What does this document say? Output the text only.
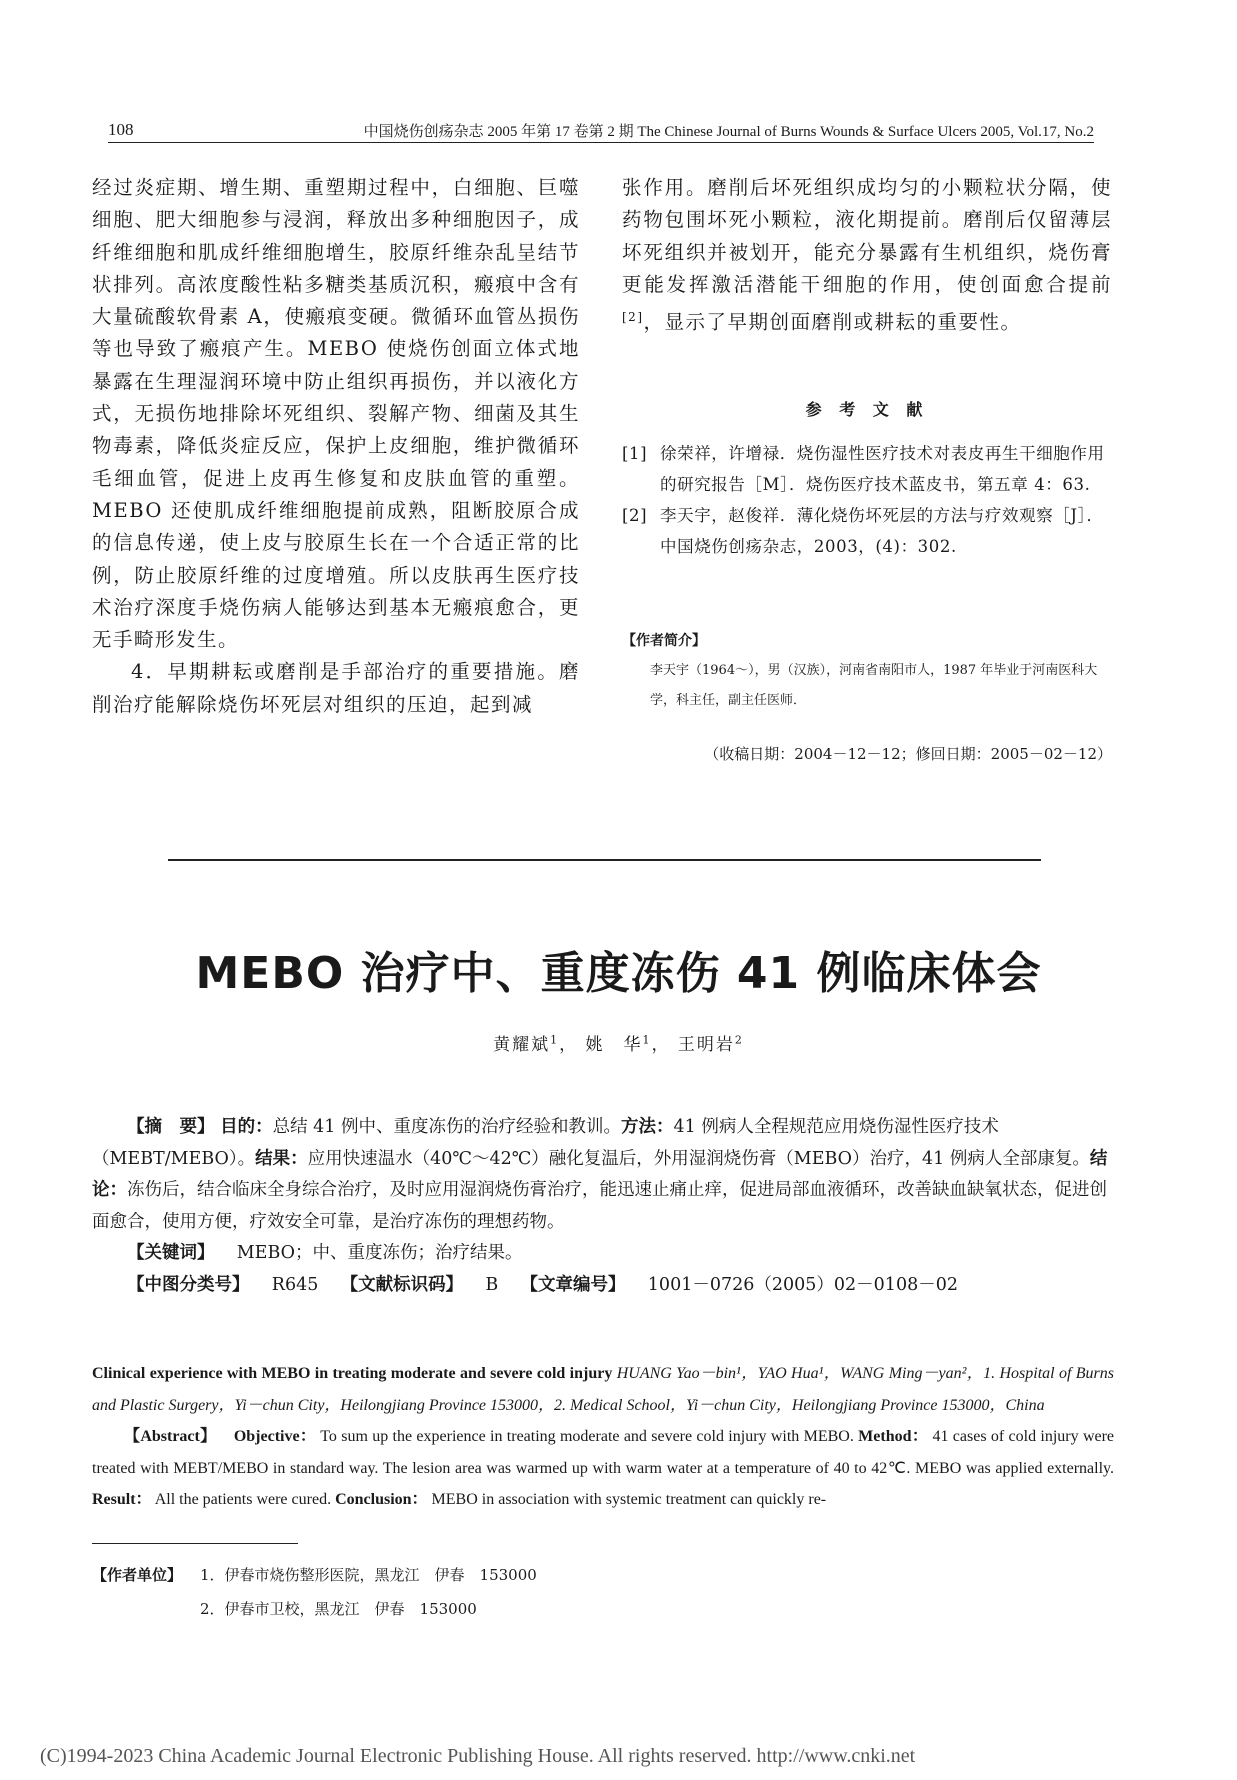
108	中国烧伤创疡杂志 2005 年第 17 卷第 2 期 The Chinese Journal of Burns Wounds & Surface Ulcers 2005, Vol.17, No.2

经过炎症期、增生期、重塑期过程中，白细胞、巨噬细胞、肥大细胞参与浸润，释放出多种细胞因子，成纤维细胞和肌成纤维细胞增生，胶原纤维杂乱呈结节状排列。高浓度酸性粘多糖类基质沉积，瘢痕中含有大量硫酸软骨素 A，使瘢痕变硬。微循环血管丛损伤等也导致了瘢痕产生。MEBO 使烧伤创面立体式地暴露在生理湿润环境中防止组织再损伤，并以液化方式，无损伤地排除坏死组织、裂解产物、细菌及其生物毒素，降低炎症反应，保护上皮细胞，维护微循环毛细血管，促进上皮再生修复和皮肤血管的重塑。MEBO 还使肌成纤维细胞提前成熟，阻断胶原合成的信息传递，使上皮与胶原生长在一个合适正常的比例，防止胶原纤维的过度增殖。所以皮肤再生医疗技术治疗深度手烧伤病人能够达到基本无瘢痕愈合，更无手畸形发生。

4．早期耕耘或磨削是手部治疗的重要措施。磨削治疗能解除烧伤坏死层对组织的压迫，起到减

张作用。磨削后坏死组织成均匀的小颗粒状分隔，使药物包围坏死小颗粒，液化期提前。磨削后仅留薄层坏死组织并被划开，能充分暴露有生机组织，烧伤膏更能发挥激活潜能干细胞的作用，使创面愈合提前[2]，显示了早期创面磨削或耕耘的重要性。

参 考 文 献
[1] 徐荣祥，许增禄．烧伤湿性医疗技术对表皮再生干细胞作用的研究报告［M］．烧伤医疗技术蓝皮书，第五章 4：63.
[2] 李天宇，赵俊祥．薄化烧伤坏死层的方法与疗效观察［J］．中国烧伤创疡杂志，2003，(4)：302.
【作者简介】
李天宇（1964～），男（汉族），河南省南阳市人，1987 年毕业于河南医科大学，科主任，副主任医师．
（收稿日期：2004－12－12；修回日期：2005－02－12）
MEBO 治疗中、重度冻伤 41 例临床体会
黄耀斌$^1$， 姚　华$^1$， 王明岩$^2$

【摘　要】 目的：总结 41 例中、重度冻伤的治疗经验和教训。方法：41 例病人全程规范应用烧伤湿性医疗技术（MEBT/MEBO）。结果：应用快速温水（40℃～42℃）融化复温后，外用湿润烧伤膏（MEBO）治疗，41 例病人全部康复。结论：冻伤后，结合临床全身综合治疗，及时应用湿润烧伤膏治疗，能迅速止痛止痒，促进局部血液循环，改善缺血缺氧状态，促进创面愈合，使用方便，疗效安全可靠，是治疗冻伤的理想药物。

【关键词】 MEBO；中、重度冻伤；治疗结果。

【中图分类号】 R645 【文献标识码】 B 【文章编号】 1001－0726（2005）02－0108－02

Clinical experience with MEBO in treating moderate and severe cold injury HUANG Yao－bin¹，YAO Hua¹，WANG Ming－yan²，1. Hospital of Burns and Plastic Surgery，Yi－chun City，Heilongjiang Province 153000，2. Medical School，Yi－chun City，Heilongjiang Province 153000，China

【Abstract】 Objective： To sum up the experience in treating moderate and severe cold injury with MEBO. Method： 41 cases of cold injury were treated with MEBT/MEBO in standard way. The lesion area was warmed up with warm water at a temperature of 40 to 42℃. MEBO was applied externally. Result： All the patients were cured. Conclusion： MEBO in association with systemic treatment can quickly re-

【作者单位】	1．伊春市烧伤整形医院，黑龙江　伊春　153000
2．伊春市卫校，黑龙江　伊春　153000
(C)1994-2023 China Academic Journal Electronic Publishing House. All rights reserved. http://www.cnki.net
